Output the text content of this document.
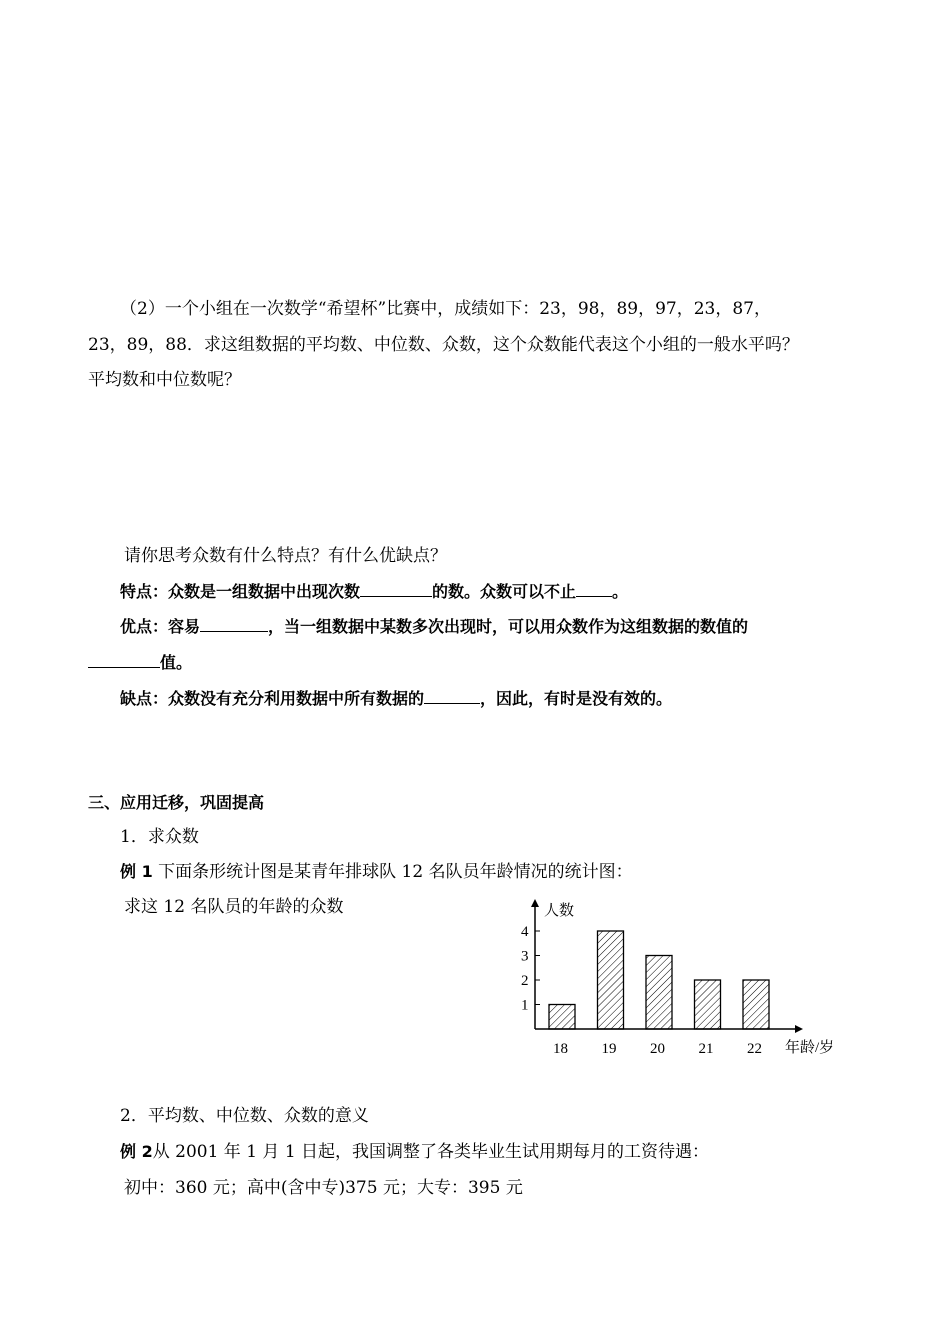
（2）一个小组在一次数学“希望杯”比赛中，成绩如下：23，98，89，97，23，87，
23，89，88．求这组数据的平均数、中位数、众数，这个众数能代表这个小组的一般水平吗？
平均数和中位数呢？
请你思考众数有什么特点？有什么优缺点？
特点：众数是一组数据中出现次数	的数。众数可以不止 。
优点：容易	，当一组数据中某数多次出现时，可以用众数作为这组数据的数值的
值。
缺点：众数没有充分利用数据中所有数据的	，因此，有时是没有效的。
三、应用迁移，巩固提高
1．求众数
例 1 下面条形统计图是某青年排球队 12 名队员年龄情况的统计图：
求这 12 名队员的年龄的众数
1
2
3
4
18 19 20 21 22
人数
年龄/岁
2．平均数、中位数、众数的意义
例 2从 2001 年 1 月 1 日起，我国调整了各类毕业生试用期每月的工资待遇：
初中：360 元；高中(含中专)375 元；大专：395 元
